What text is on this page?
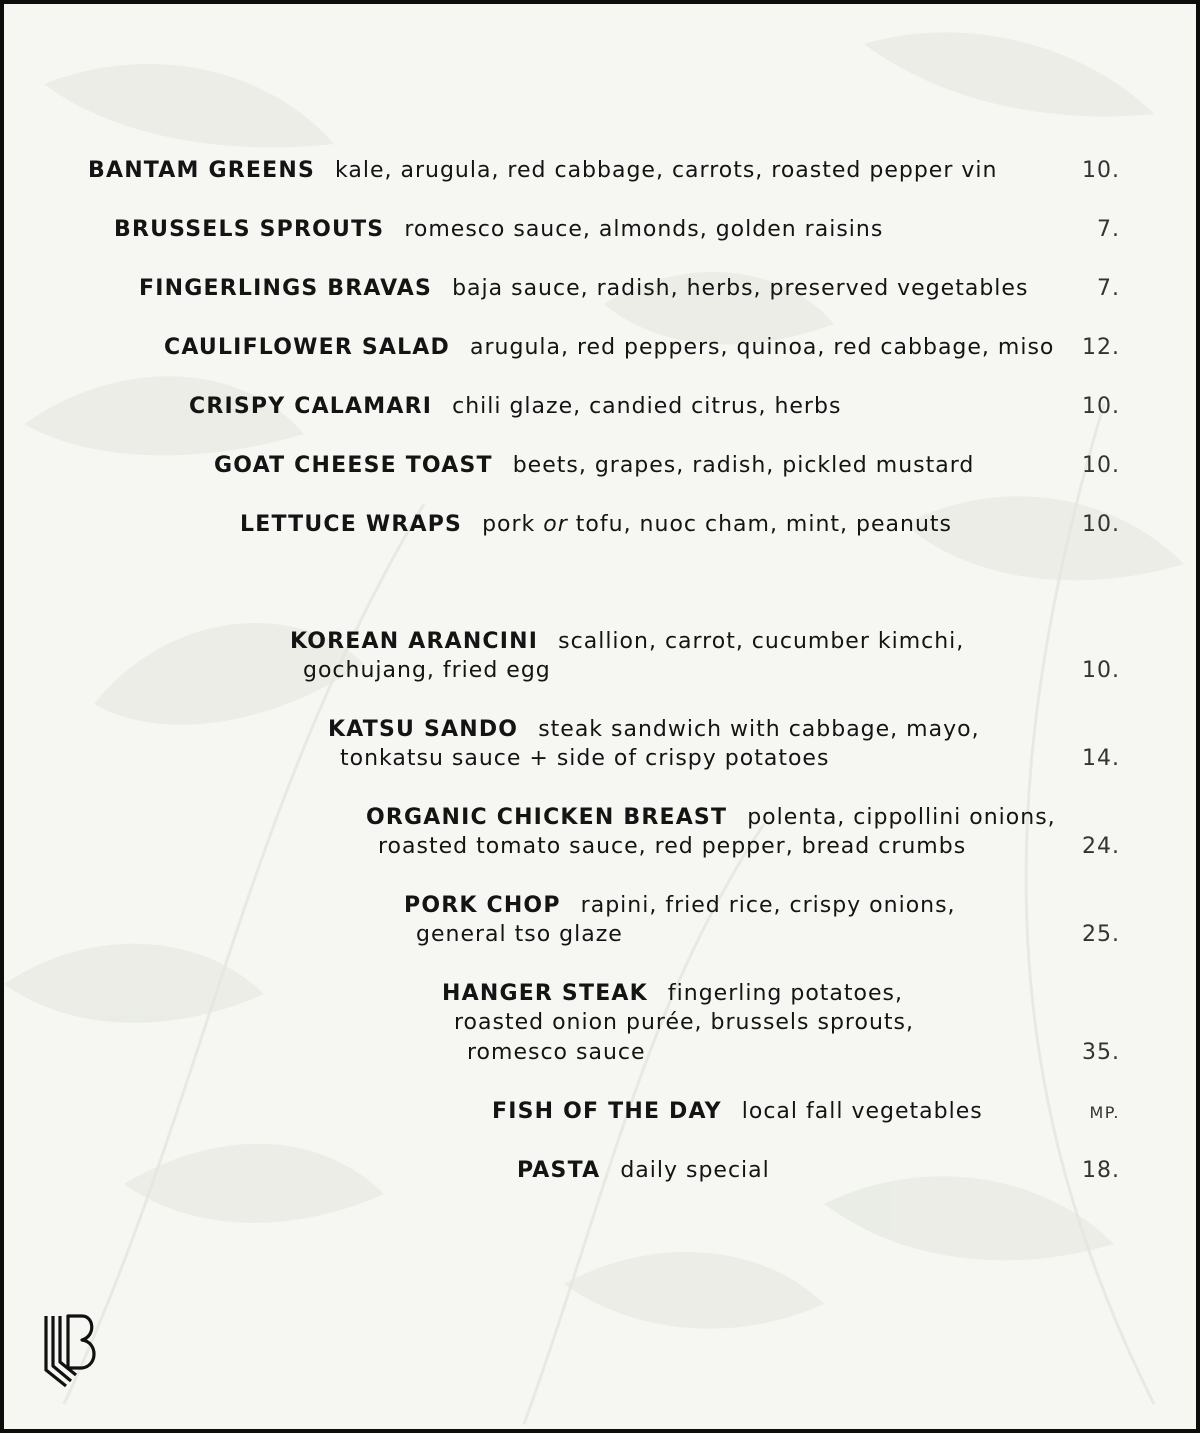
BANTAM GREENS kale, arugula, red cabbage, carrots, roasted pepper vin	10.
BRUSSELS SPROUTS romesco sauce, almonds, golden raisins	7.
FINGERLINGS BRAVAS baja sauce, radish, herbs, preserved vegetables	7.
CAULIFLOWER SALAD arugula, red peppers, quinoa, red cabbage, miso 12.
CRISPY CALAMARI chili glaze, candied citrus, herbs	10.
GOAT CHEESE TOAST beets, grapes, radish, pickled mustard	10.
LETTUCE WRAPS pork or tofu, nuoc cham, mint, peanuts	10.
KOREAN ARANCINI scallion, carrot, cucumber kimchi,
gochujang, fried egg	10.
KATSU SANDO steak sandwich with cabbage, mayo,
tonkatsu sauce + side of crispy potatoes	14.
ORGANIC CHICKEN BREAST polenta, cippollini onions,
roasted tomato sauce, red pepper, bread crumbs	24.
PORK CHOP rapini, fried rice, crispy onions,
general tso glaze	25.
HANGER STEAK fingerling potatoes,
roasted onion purée, brussels sprouts,
romesco sauce	35.
FISH OF THE DAY local fall vegetables	MP.
PASTA daily special	18.
